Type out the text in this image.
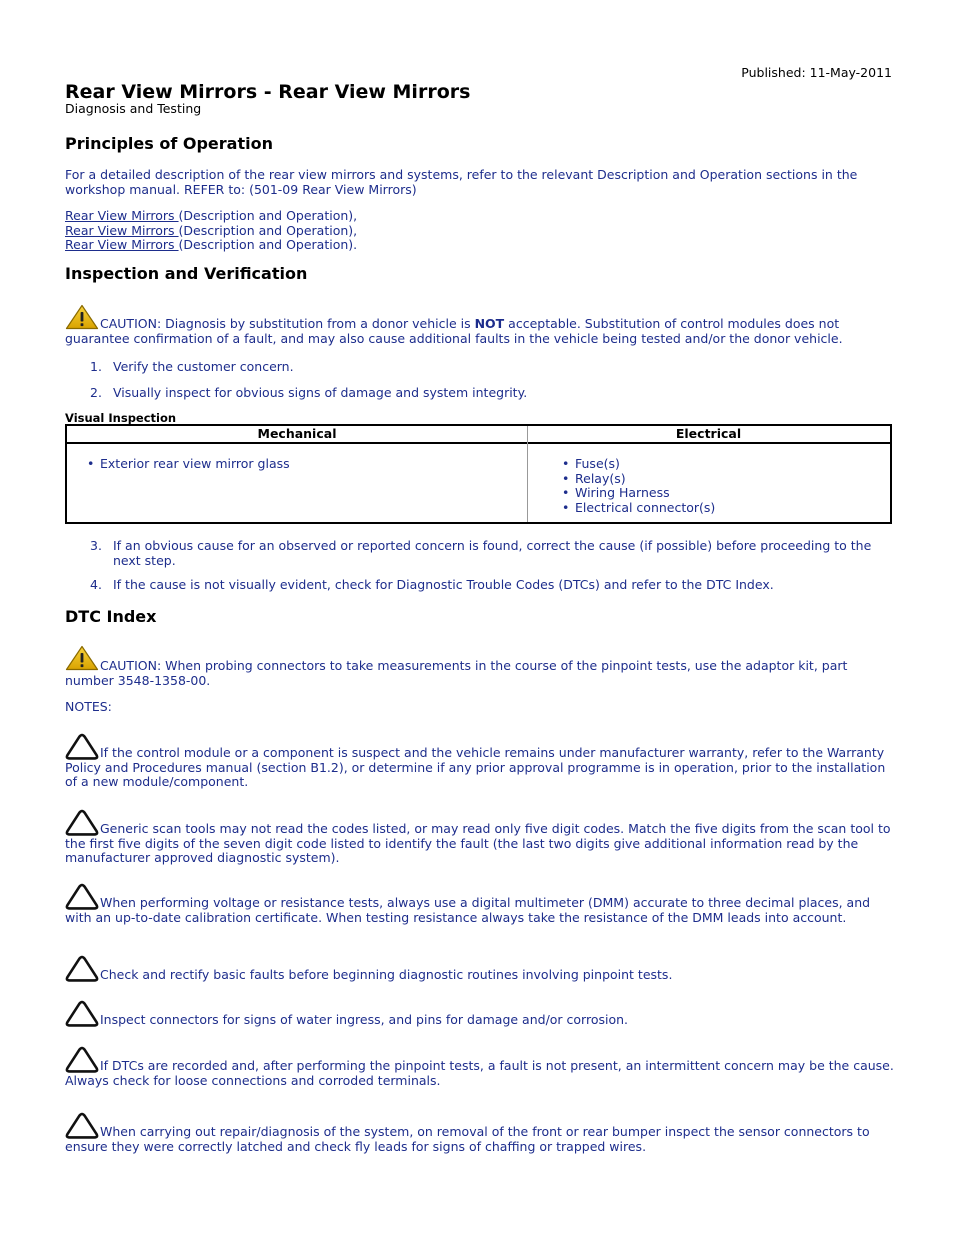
Published: 11-May-2011
Rear View Mirrors - Rear View Mirrors
Diagnosis and Testing
Principles of Operation

For a detailed description of the rear view mirrors and systems, refer to the relevant Description and Operation sections in the workshop manual. REFER to: (501-09 Rear View Mirrors)

Rear View Mirrors (Description and Operation),
Rear View Mirrors (Description and Operation),
Rear View Mirrors (Description and Operation).
Inspection and Verification

CAUTION: Diagnosis by substitution from a donor vehicle is NOT acceptable. Substitution of control modules does not guarantee confirmation of a fault, and may also cause additional faults in the vehicle being tested and/or the donor vehicle.

1. Verify the customer concern.
2. Visually inspect for obvious signs of damage and system integrity.
Visual Inspection
Mechanical	Electrical
• Exterior rear view mirror glass
•	Fuse(s)
• Relay(s)
• Wiring Harness
• Electrical connector(s)
3. If an obvious cause for an observed or reported concern is found, correct the cause (if possible) before proceeding to the next step.
4. If the cause is not visually evident, check for Diagnostic Trouble Codes (DTCs) and refer to the DTC Index.
DTC Index

CAUTION: When probing connectors to take measurements in the course of the pinpoint tests, use the adaptor kit, part number 3548-1358-00.

NOTES:

If the control module or a component is suspect and the vehicle remains under manufacturer warranty, refer to the Warranty Policy and Procedures manual (section B1.2), or determine if any prior approval programme is in operation, prior to the installation of a new module/component.

Generic scan tools may not read the codes listed, or may read only five digit codes. Match the five digits from the scan tool to the first five digits of the seven digit code listed to identify the fault (the last two digits give additional information read by the manufacturer approved diagnostic system).

When performing voltage or resistance tests, always use a digital multimeter (DMM) accurate to three decimal places, and with an up-to-date calibration certificate. When testing resistance always take the resistance of the DMM leads into account.

Check and rectify basic faults before beginning diagnostic routines involving pinpoint tests.

Inspect connectors for signs of water ingress, and pins for damage and/or corrosion.

If DTCs are recorded and, after performing the pinpoint tests, a fault is not present, an intermittent concern may be the cause. Always check for loose connections and corroded terminals.

When carrying out repair/diagnosis of the system, on removal of the front or rear bumper inspect the sensor connectors to ensure they were correctly latched and check fly leads for signs of chaffing or trapped wires.
